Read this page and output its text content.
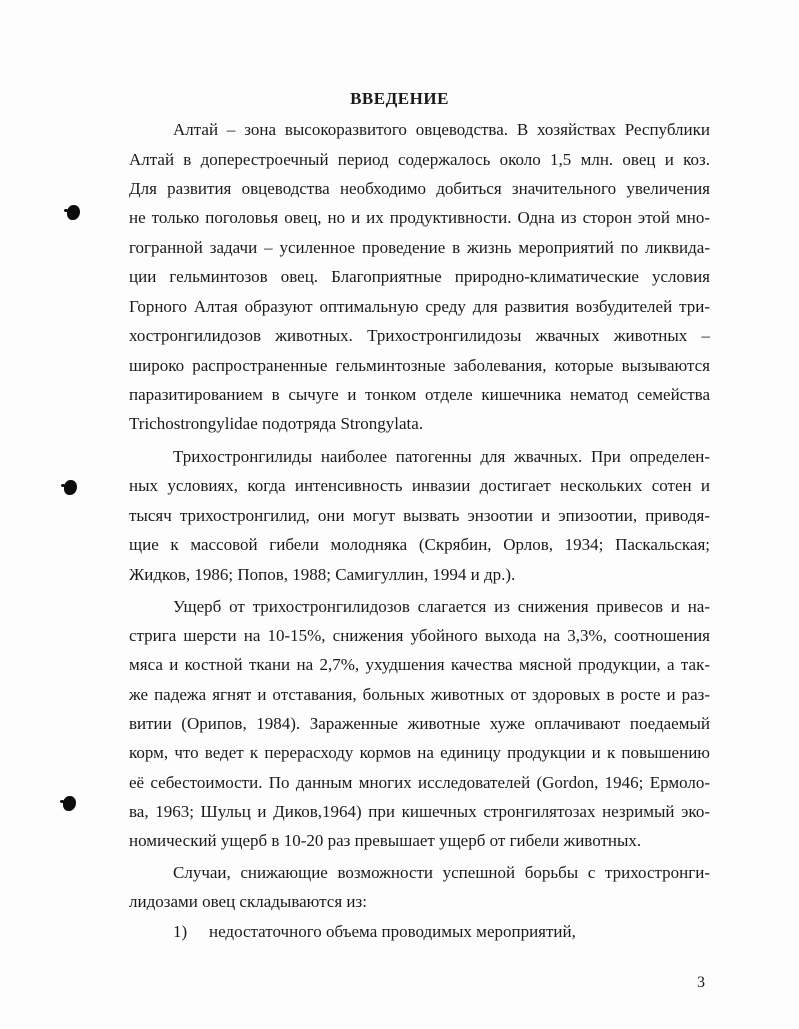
ВВЕДЕНИЕ
Алтай – зона высокоразвитого овцеводства. В хозяйствах Республики
Алтай в доперестроечный период содержалось около 1,5 млн. овец и коз.
Для развития овцеводства необходимо добиться значительного увеличения
не только поголовья овец, но и их продуктивности. Одна из сторон этой мно-
гогранной задачи – усиленное проведение в жизнь мероприятий по ликвида-
ции гельминтозов овец. Благоприятные природно-климатические условия
Горного Алтая образуют оптимальную среду для развития возбудителей три-
хостронгилидозов животных. Трихостронгилидозы жвачных животных –
широко распространенные гельминтозные заболевания, которые вызываются
паразитированием в сычуге и тонком отделе кишечника нематод семейства
Trichostrongylidae подотряда Strongylata.
Трихостронгилиды наиболее патогенны для жвачных. При определен-
ных условиях, когда интенсивность инвазии достигает нескольких сотен и
тысяч трихостронгилид, они могут вызвать энзоотии и эпизоотии, приводя-
щие к массовой гибели молодняка (Скрябин, Орлов, 1934; Паскальская;
Жидков, 1986; Попов, 1988; Самигуллин, 1994 и др.).
Ущерб от трихостронгилидозов слагается из снижения привесов и на-
стрига шерсти на 10-15%, снижения убойного выхода на 3,3%, соотношения
мяса и костной ткани на 2,7%, ухудшения качества мясной продукции, а так-
же падежа ягнят и отставания, больных животных от здоровых в росте и раз-
витии (Орипов, 1984). Зараженные животные хуже оплачивают поедаемый
корм, что ведет к перерасходу кормов на единицу продукции и к повышению
её себестоимости. По данным многих исследователей (Gordon, 1946; Ермоло-
ва, 1963; Шульц и Диков,1964) при кишечных стронгилятозах незримый эко-
номический ущерб в 10-20 раз превышает ущерб от гибели животных.
Случаи, снижающие возможности успешной борьбы с трихостронги-
лидозами овец складываются из:
1) недостаточного объема проводимых мероприятий,
3
